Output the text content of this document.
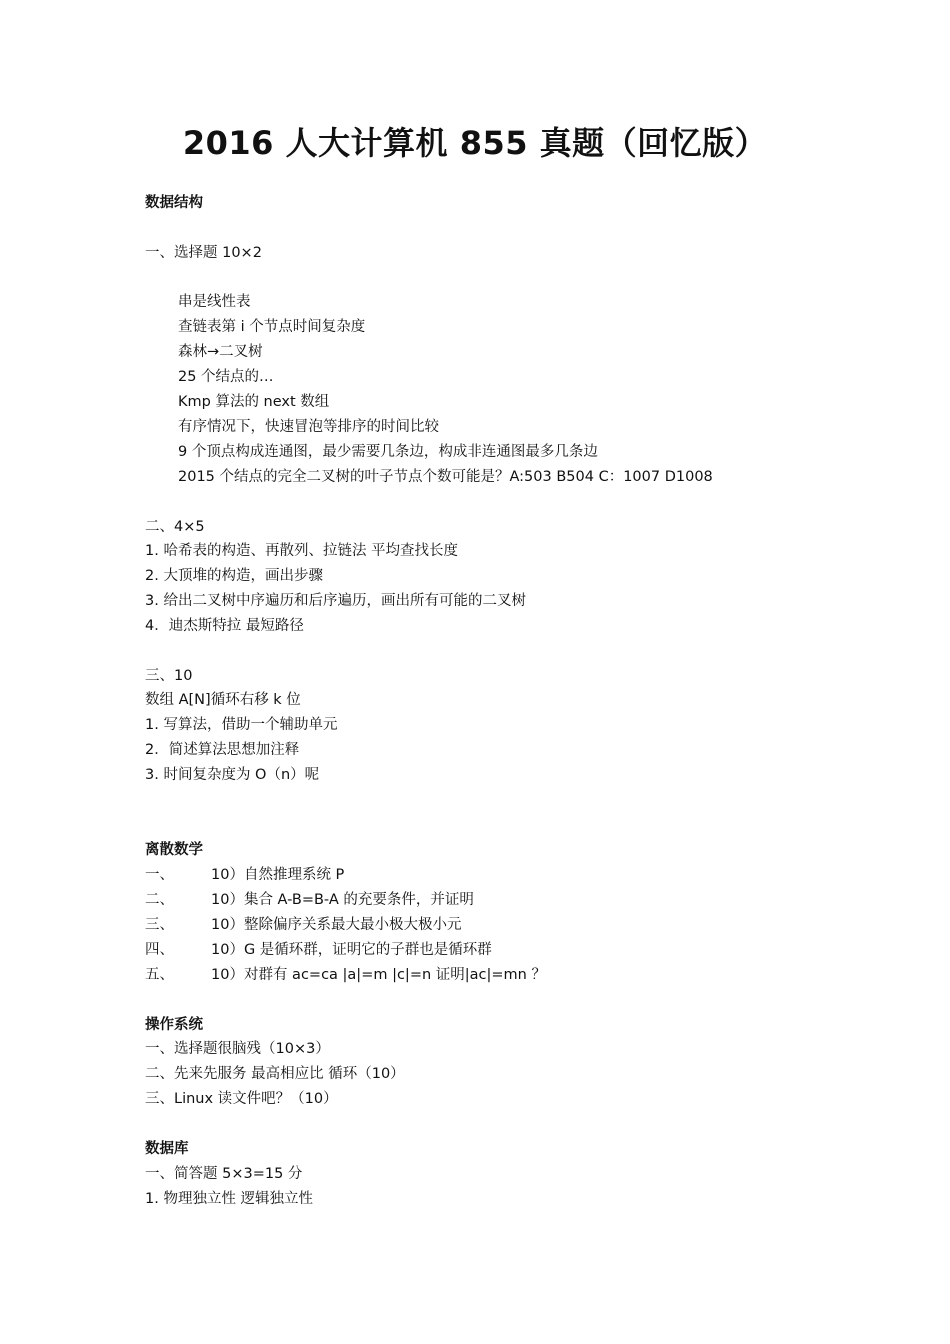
2016 人大计算机 855 真题（回忆版）
数据结构
一、选择题 10×2
串是线性表
查链表第 i 个节点时间复杂度
森林→二叉树
25 个结点的…
Kmp 算法的 next 数组
有序情况下，快速冒泡等排序的时间比较
9 个顶点构成连通图，最少需要几条边，构成非连通图最多几条边
2015 个结点的完全二叉树的叶子节点个数可能是？A:503 B504 C：1007 D1008
二、4×5
1. 哈希表的构造、再散列、拉链法 平均查找长度
2. 大顶堆的构造，画出步骤
3. 给出二叉树中序遍历和后序遍历，画出所有可能的二叉树
4．迪杰斯特拉 最短路径
三、10
数组 A[N]循环右移 k 位
1. 写算法，借助一个辅助单元
2．简述算法思想加注释
3. 时间复杂度为 O（n）呢
离散数学
一、	10）自然推理系统 P
二、	10）集合 A-B=B-A 的充要条件，并证明
三、	10）整除偏序关系最大最小极大极小元
四、	10）G 是循环群，证明它的子群也是循环群
五、	10）对群有 ac=ca |a|=m |c|=n 证明|ac|=mn ？
操作系统
一、选择题很脑残（10×3）
二、先来先服务 最高相应比 循环（10）
三、Linux 读文件吧？（10）
数据库
一、简答题 5×3=15 分
1. 物理独立性 逻辑独立性
